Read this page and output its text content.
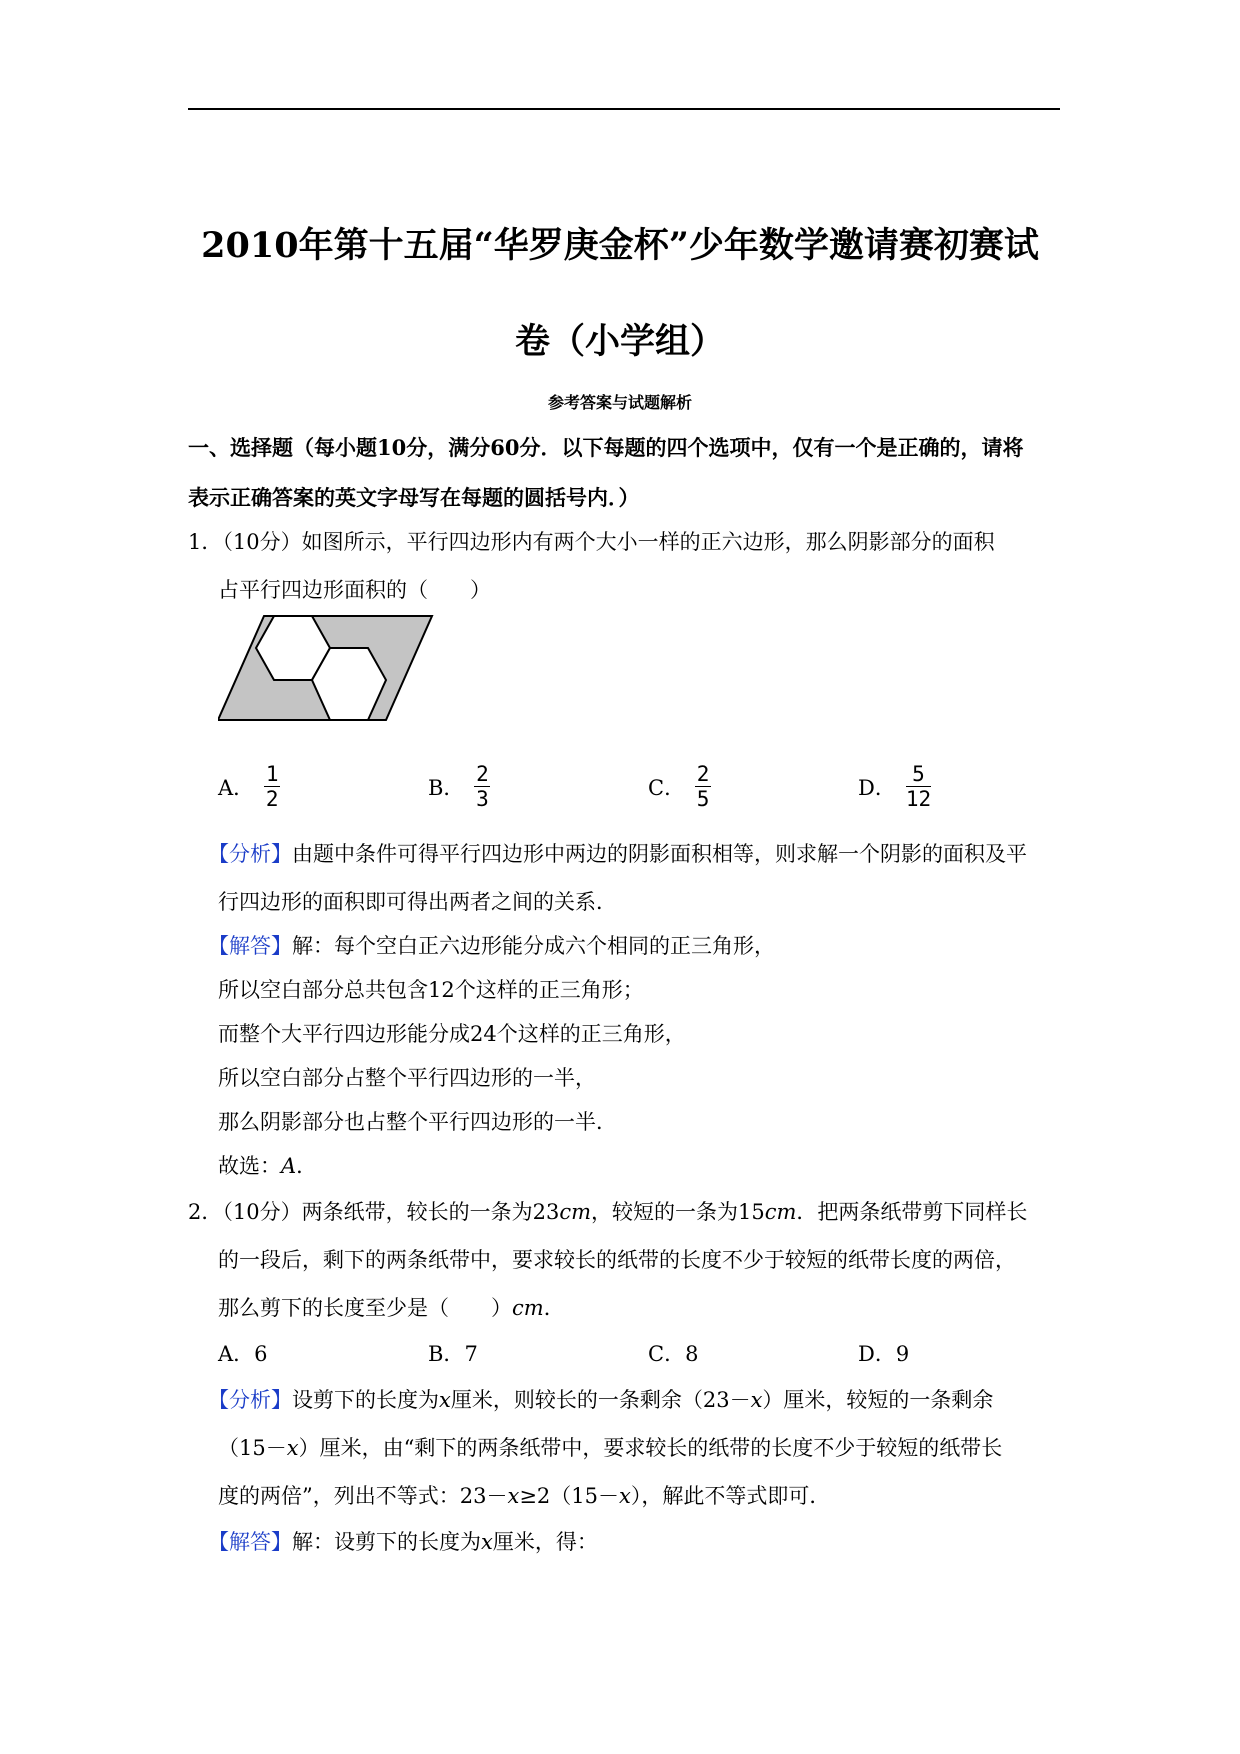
2010年第十五届“华罗庚金杯”少年数学邀请赛初赛试
卷（小学组）
参考答案与试题解析
一、选择题（每小题10分，满分60分．以下每题的四个选项中，仅有一个是正确的，请将
表示正确答案的英文字母写在每题的圆括号内．）
1．（10分）如图所示，平行四边形内有两个大小一样的正六边形，那么阴影部分的面积
占平行四边形面积的（　　）
A． $\frac{1}{2}$	B． $\frac{2}{3}$	C． $\frac{2}{5}$	D． $\frac{5}{12}$
【分析】由题中条件可得平行四边形中两边的阴影面积相等，则求解一个阴影的面积及平
行四边形的面积即可得出两者之间的关系．
【解答】解：每个空白正六边形能分成六个相同的正三角形，
所以空白部分总共包含12个这样的正三角形；
而整个大平行四边形能分成24个这样的正三角形，
所以空白部分占整个平行四边形的一半，
那么阴影部分也占整个平行四边形的一半．
故选：A．
2．（10分）两条纸带，较长的一条为23cm，较短的一条为15cm．把两条纸带剪下同样长
的一段后，剩下的两条纸带中，要求较长的纸带的长度不少于较短的纸带长度的两倍，
那么剪下的长度至少是（　　）cm．
A．6	B．7	C．8	D．9
【分析】设剪下的长度为x厘米，则较长的一条剩余（23－x）厘米，较短的一条剩余
（15－x）厘米，由“剩下的两条纸带中，要求较长的纸带的长度不少于较短的纸带长
度的两倍”，列出不等式：23－x≥2（15－x），解此不等式即可．
【解答】解：设剪下的长度为x厘米，得：
